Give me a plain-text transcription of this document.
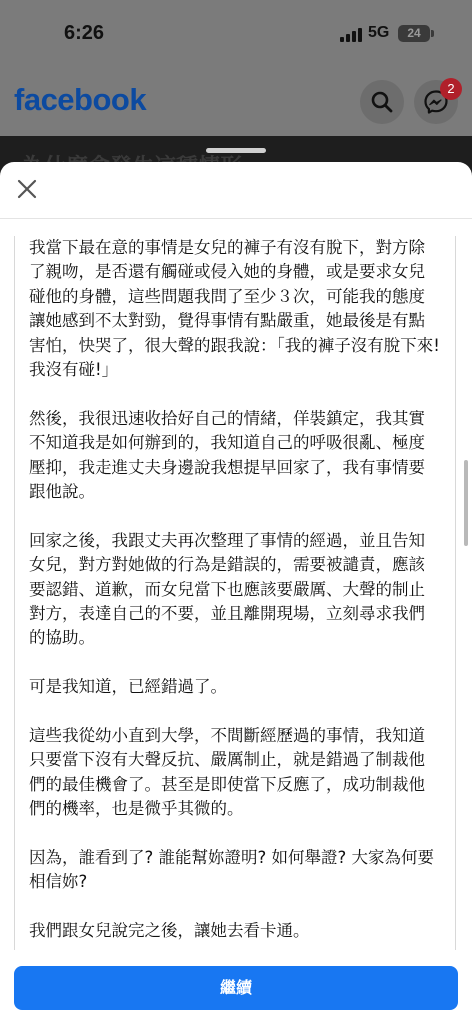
6:26	5G	24
facebook	2

我當下最在意的事情是女兒的褲子有沒有脫下，對方除了親吻，是否還有觸碰或侵入她的身體，或是要求女兒碰他的身體，這些問題我問了至少３次，可能我的態度讓她感到不太對勁，覺得事情有點嚴重，她最後是有點害怕，快哭了，很大聲的跟我說：「我的褲子沒有脫下來!我沒有碰!」

然後，我很迅速收拾好自己的情緒，佯裝鎮定，我其實不知道我是如何辦到的，我知道自己的呼吸很亂、極度壓抑，我走進丈夫身邊說我想提早回家了，我有事情要跟他說。

回家之後，我跟丈夫再次整理了事情的經過，並且告知女兒，對方對她做的行為是錯誤的，需要被譴責，應該要認錯、道歉，而女兒當下也應該要嚴厲、大聲的制止對方，表達自己的不要，並且離開現場，立刻尋求我們的協助。

可是我知道，已經錯過了。

這些我從幼小直到大學，不間斷經歷過的事情，我知道只要當下沒有大聲反抗、嚴厲制止，就是錯過了制裁他們的最佳機會了。甚至是即使當下反應了，成功制裁他們的機率，也是微乎其微的。

因為，誰看到了? 誰能幫妳證明? 如何舉證? 大家為何要相信妳?

我們跟女兒說完之後，讓她去看卡通。

繼續
